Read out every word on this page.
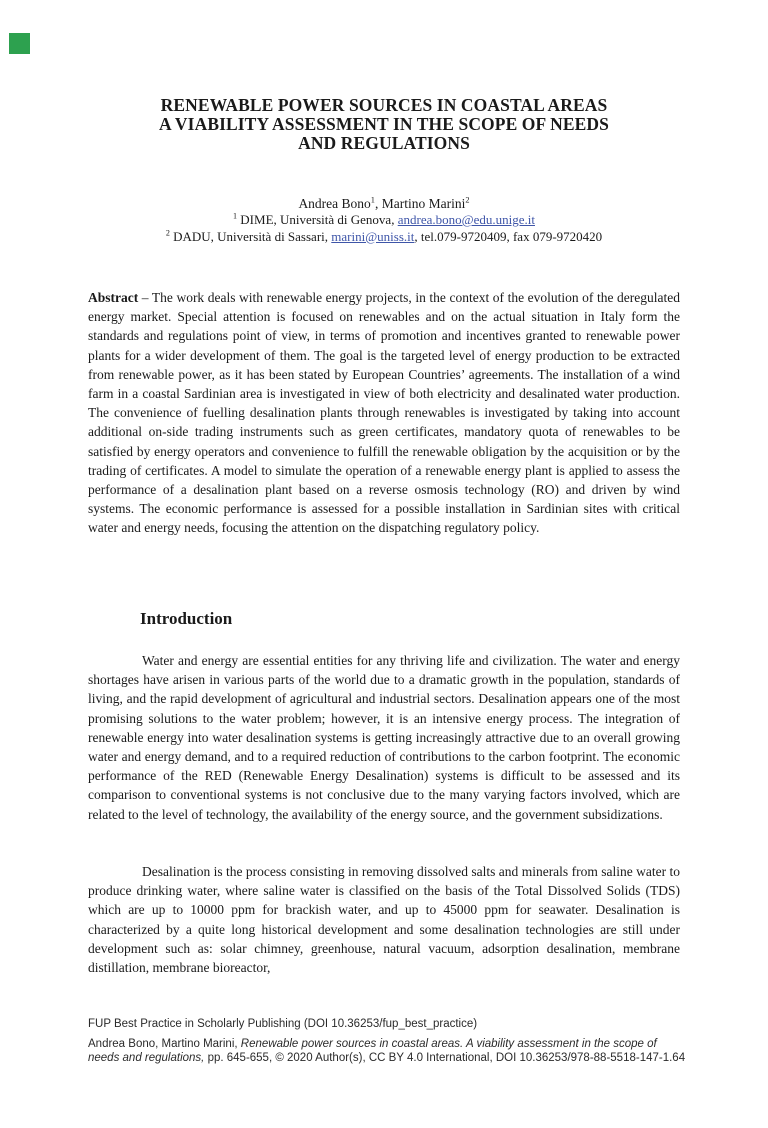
RENEWABLE POWER SOURCES IN COASTAL AREAS
A VIABILITY ASSESSMENT IN THE SCOPE OF NEEDS
AND REGULATIONS
Andrea Bono$^1$, Martino Marini$^2$
$^1$ DIME, Università di Genova, andrea.bono@edu.unige.it
$^2$ DADU, Università di Sassari, marini@uniss.it, tel.079-9720409, fax 079-9720420
Abstract – The work deals with renewable energy projects, in the context of the evolution of the deregulated energy market. Special attention is focused on renewables and on the actual situation in Italy form the standards and regulations point of view, in terms of promotion and incentives granted to renewable power plants for a wider development of them. The goal is the targeted level of energy production to be extracted from renewable power, as it has been stated by European Countries’ agreements. The installation of a wind farm in a coastal Sardinian area is investigated in view of both electricity and desalinated water production. The convenience of fuelling desalination plants through renewables is investigated by taking into account additional on-side trading instruments such as green certificates, mandatory quota of renewables to be satisfied by energy operators and convenience to fulfill the renewable obligation by the acquisition or by the trading of certificates. A model to simulate the operation of a renewable energy plant is applied to assess the performance of a desalination plant based on a reverse osmosis technology (RO) and driven by wind systems. The economic performance is assessed for a possible installation in Sardinian sites with critical water and energy needs, focusing the attention on the dispatching regulatory policy.
Introduction
Water and energy are essential entities for any thriving life and civilization. The water and energy shortages have arisen in various parts of the world due to a dramatic growth in the population, standards of living, and the rapid development of agricultural and industrial sectors. Desalination appears one of the most promising solutions to the water problem; however, it is an intensive energy process. The integration of renewable energy into water desalination systems is getting increasingly attractive due to an overall growing water and energy demand, and to a required reduction of contributions to the carbon footprint. The economic performance of the RED (Renewable Energy Desalination) systems is difficult to be assessed and its comparison to conventional systems is not conclusive due to the many varying factors involved, which are related to the level of technology, the availability of the energy source, and the government subsidizations.
Desalination is the process consisting in removing dissolved salts and minerals from saline water to produce drinking water, where saline water is classified on the basis of the Total Dissolved Solids (TDS) which are up to 10000 ppm for brackish water, and up to 45000 ppm for seawater. Desalination is characterized by a quite long historical development and some desalination technologies are still under development such as: solar chimney, greenhouse, natural vacuum, adsorption desalination, membrane distillation, membrane bioreactor,
FUP Best Practice in Scholarly Publishing (DOI 10.36253/fup_best_practice)
Andrea Bono, Martino Marini, Renewable power sources in coastal areas. A viability assessment in the scope of needs and regulations, pp. 645-655, © 2020 Author(s), CC BY 4.0 International, DOI 10.36253/978-88-5518-147-1.64
